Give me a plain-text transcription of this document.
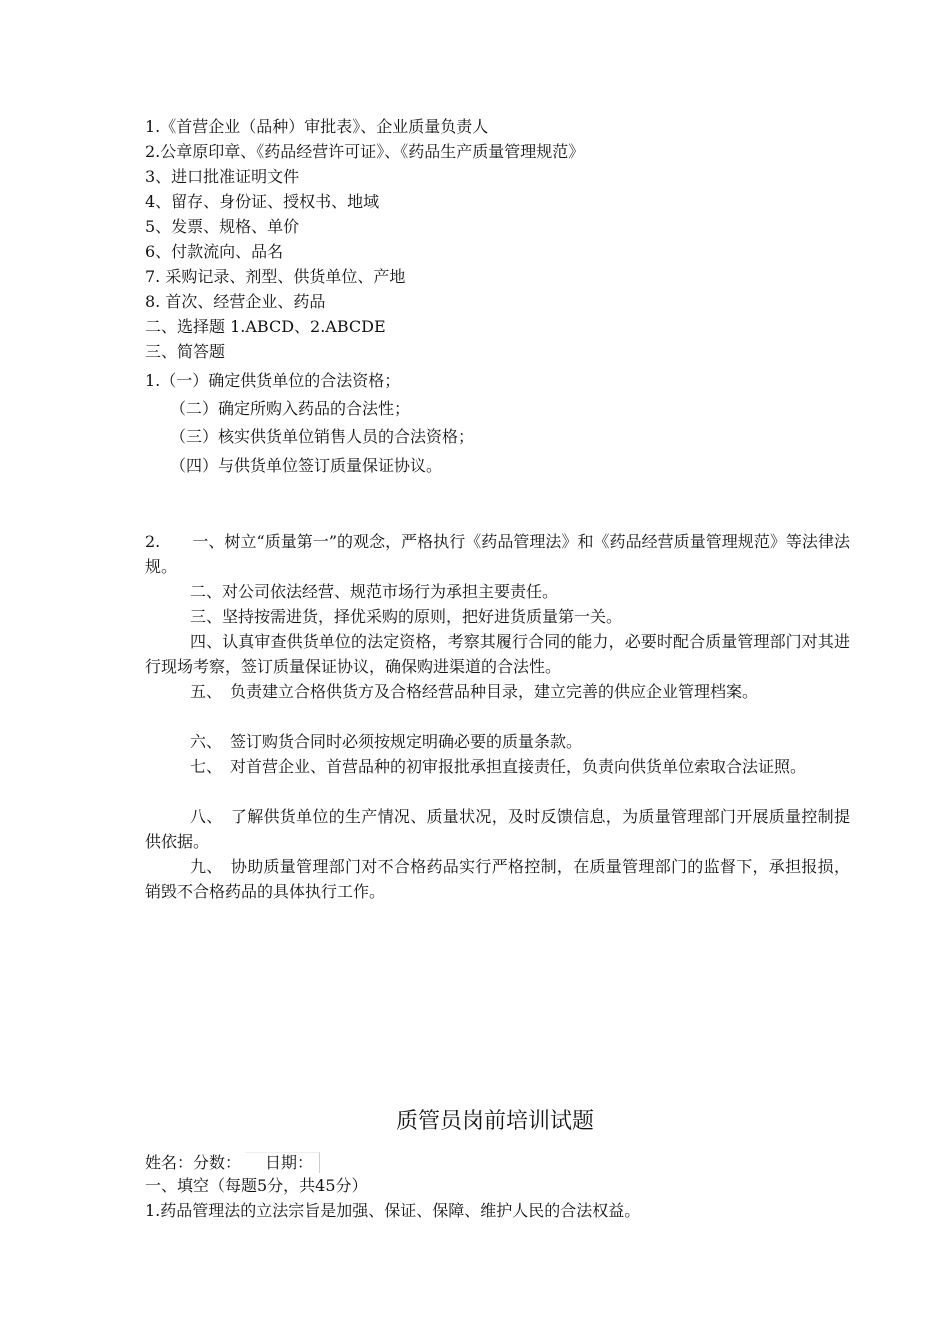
1.《首营企业（品种）审批表》、企业质量负责人
2.公章原印章、《药品经营许可证》、《药品生产质量管理规范》
3、进口批准证明文件
4、留存、身份证、授权书、地域
5、发票、规格、单价
6、付款流向、品名
7. 采购记录、剂型、供货单位、产地
8. 首次、经营企业、药品
二、选择题 1.ABCD、2.ABCDE
三、简答题
1.（一）确定供货单位的合法资格；
（二）确定所购入药品的合法性；
（三）核实供货单位销售人员的合法资格；
（四）与供货单位签订质量保证协议。
2.　　一、树立“质量第一”的观念，严格执行《药品管理法》和《药品经营质量管理规范》等法律法规。
二、对公司依法经营、规范市场行为承担主要责任。
三、坚持按需进货，择优采购的原则，把好进货质量第一关。
四、认真审查供货单位的法定资格，考察其履行合同的能力，必要时配合质量管理部门对其进行现场考察，签订质量保证协议，确保购进渠道的合法性。
五、　负责建立合格供货方及合格经营品种目录，建立完善的供应企业管理档案。
六、　签订购货合同时必须按规定明确必要的质量条款。
七、　对首营企业、首营品种的初审报批承担直接责任，负责向供货单位索取合法证照。
八、　了解供货单位的生产情况、质量状况，及时反馈信息，为质量管理部门开展质量控制提供依据。
九、　协助质量管理部门对不合格药品实行严格控制，在质量管理部门的监督下，承担报损，销毁不合格药品的具体执行工作。
质管员岗前培训试题
姓名：分数： 日期：
一、填空（每题5分，共45分）
1.药品管理法的立法宗旨是加强、保证、保障、维护人民的合法权益。
